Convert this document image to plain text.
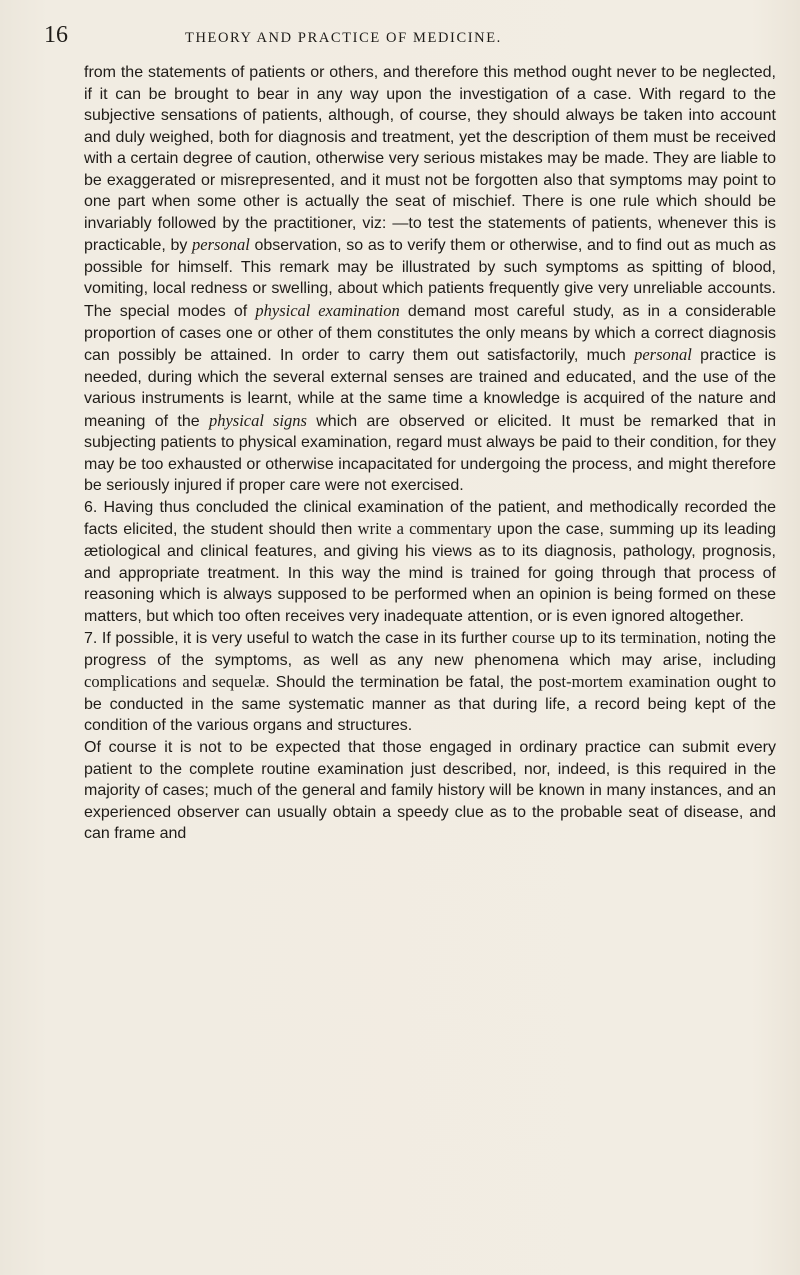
16	THEORY AND PRACTICE OF MEDICINE.

from the statements of patients or others, and therefore this method ought never to be neglected, if it can be brought to bear in any way upon the investigation of a case. With regard to the subjective sensations of patients, although, of course, they should always be taken into account and duly weighed, both for diagnosis and treatment, yet the description of them must be received with a certain degree of caution, otherwise very serious mistakes may be made. They are liable to be exaggerated or misrepresented, and it must not be forgotten also that symptoms may point to one part when some other is actually the seat of mischief. There is one rule which should be invariably followed by the practitioner, viz: —to test the statements of patients, whenever this is practicable, by personal observation, so as to verify them or otherwise, and to find out as much as possible for himself. This remark may be illustrated by such symptoms as spitting of blood, vomiting, local redness or swelling, about which patients frequently give very unreliable accounts. The special modes of physical examination demand most careful study, as in a considerable proportion of cases one or other of them constitutes the only means by which a correct diagnosis can possibly be attained. In order to carry them out satisfactorily, much personal practice is needed, during which the several external senses are trained and educated, and the use of the various instruments is learnt, while at the same time a knowledge is acquired of the nature and meaning of the physical signs which are observed or elicited. It must be remarked that in subjecting patients to physical examination, regard must always be paid to their condition, for they may be too exhausted or otherwise incapacitated for undergoing the process, and might therefore be seriously injured if proper care were not exercised.

6. Having thus concluded the clinical examination of the patient, and methodically recorded the facts elicited, the student should then write a commentary upon the case, summing up its leading ætiological and clinical features, and giving his views as to its diagnosis, pathology, prognosis, and appropriate treatment. In this way the mind is trained for going through that process of reasoning which is always supposed to be performed when an opinion is being formed on these matters, but which too often receives very inadequate attention, or is even ignored altogether.

7. If possible, it is very useful to watch the case in its further course up to its termination, noting the progress of the symptoms, as well as any new phenomena which may arise, including complications and sequelæ. Should the termination be fatal, the post-mortem examination ought to be conducted in the same systematic manner as that during life, a record being kept of the condition of the various organs and structures.

Of course it is not to be expected that those engaged in ordinary practice can submit every patient to the complete routine examination just described, nor, indeed, is this required in the majority of cases; much of the general and family history will be known in many instances, and an experienced observer can usually obtain a speedy clue as to the probable seat of disease, and can frame and
